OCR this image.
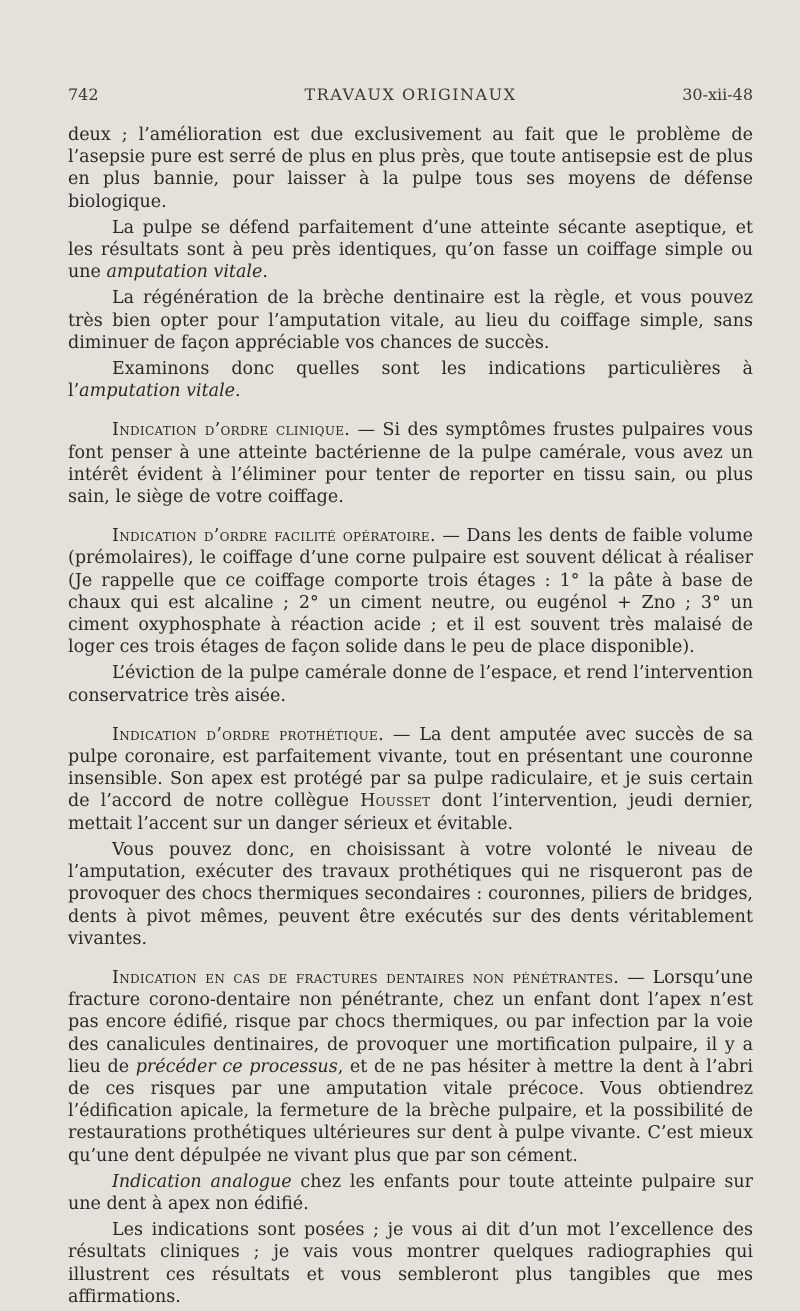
742	TRAVAUX ORIGINAUX	30-xii-48

deux ; l’amélioration est due exclusivement au fait que le problème de l’asepsie pure est serré de plus en plus près, que toute antisepsie est de plus en plus bannie, pour laisser à la pulpe tous ses moyens de défense biologique.

La pulpe se défend parfaitement d’une atteinte sécante aseptique, et les résultats sont à peu près identiques, qu’on fasse un coiffage simple ou une amputation vitale.

La régénération de la brèche dentinaire est la règle, et vous pouvez très bien opter pour l’amputation vitale, au lieu du coiffage simple, sans diminuer de façon appréciable vos chances de succès.

Examinons donc quelles sont les indications particulières à l’amputation vitale.

Indication d’ordre clinique. — Si des symptômes frustes pulpaires vous font penser à une atteinte bactérienne de la pulpe camérale, vous avez un intérêt évident à l’éliminer pour tenter de reporter en tissu sain, ou plus sain, le siège de votre coiffage.

Indication d’ordre facilité opératoire. — Dans les dents de faible volume (prémolaires), le coiffage d’une corne pulpaire est souvent délicat à réaliser (Je rappelle que ce coiffage comporte trois étages : 1° la pâte à base de chaux qui est alcaline ; 2° un ciment neutre, ou eugénol + Zno ; 3° un ciment oxyphosphate à réaction acide ; et il est souvent très malaisé de loger ces trois étages de façon solide dans le peu de place disponible).

L’éviction de la pulpe camérale donne de l’espace, et rend l’intervention conservatrice très aisée.

Indication d’ordre prothétique. — La dent amputée avec succès de sa pulpe coronaire, est parfaitement vivante, tout en présentant une couronne insensible. Son apex est protégé par sa pulpe radiculaire, et je suis certain de l’accord de notre collègue Housset dont l’intervention, jeudi dernier, mettait l’accent sur un danger sérieux et évitable.

Vous pouvez donc, en choisissant à votre volonté le niveau de l’amputation, exécuter des travaux prothétiques qui ne risqueront pas de provoquer des chocs thermiques secondaires : couronnes, piliers de bridges, dents à pivot mêmes, peuvent être exécutés sur des dents véritablement vivantes.

Indication en cas de fractures dentaires non pénétrantes. — Lorsqu’une fracture corono-dentaire non pénétrante, chez un enfant dont l’apex n’est pas encore édifié, risque par chocs thermiques, ou par infection par la voie des canalicules dentinaires, de provoquer une mortification pulpaire, il y a lieu de précéder ce processus, et de ne pas hésiter à mettre la dent à l’abri de ces risques par une amputation vitale précoce. Vous obtiendrez l’édification apicale, la fermeture de la brèche pulpaire, et la possibilité de restaurations prothétiques ultérieures sur dent à pulpe vivante. C’est mieux qu’une dent dépulpée ne vivant plus que par son cément.

Indication analogue chez les enfants pour toute atteinte pulpaire sur une dent à apex non édifié.

Les indications sont posées ; je vous ai dit d’un mot l’excellence des résultats cliniques ; je vais vous montrer quelques radiographies qui illustrent ces résultats et vous sembleront plus tangibles que mes affirmations.
